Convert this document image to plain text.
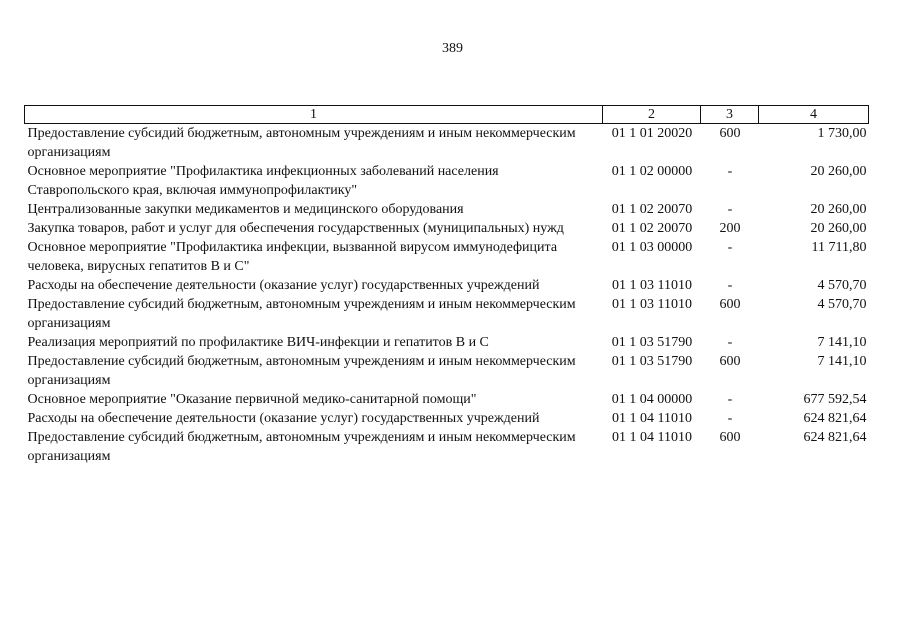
389
1	2	3	4
Предоставление субсидий бюджетным, автономным учреждениям и иным некоммерческим организациям	01 1 01 20020	600	1 730,00
Основное мероприятие "Профилактика инфекционных заболеваний населения Ставропольского края, включая иммунопрофилактику"	01 1 02 00000	-	20 260,00
Централизованные закупки медикаментов и медицинского оборудования	01 1 02 20070	-	20 260,00
Закупка товаров, работ и услуг для обеспечения государственных (муниципальных) нужд	01 1 02 20070	200	20 260,00
Основное мероприятие "Профилактика инфекции, вызванной вирусом иммунодефицита человека, вирусных гепатитов В и С"	01 1 03 00000	-	11 711,80
Расходы на обеспечение деятельности (оказание услуг) государственных учреждений	01 1 03 11010	-	4 570,70
Предоставление субсидий бюджетным, автономным учреждениям и иным некоммерческим организациям	01 1 03 11010	600	4 570,70
Реализация мероприятий по профилактике ВИЧ-инфекции и гепатитов В и С	01 1 03 51790	-	7 141,10
Предоставление субсидий бюджетным, автономным учреждениям и иным некоммерческим организациям	01 1 03 51790	600	7 141,10
Основное мероприятие "Оказание первичной медико-санитарной помощи"	01 1 04 00000	-	677 592,54
Расходы на обеспечение деятельности (оказание услуг) государственных учреждений	01 1 04 11010	-	624 821,64
Предоставление субсидий бюджетным, автономным учреждениям и иным некоммерческим организациям	01 1 04 11010	600	624 821,64
